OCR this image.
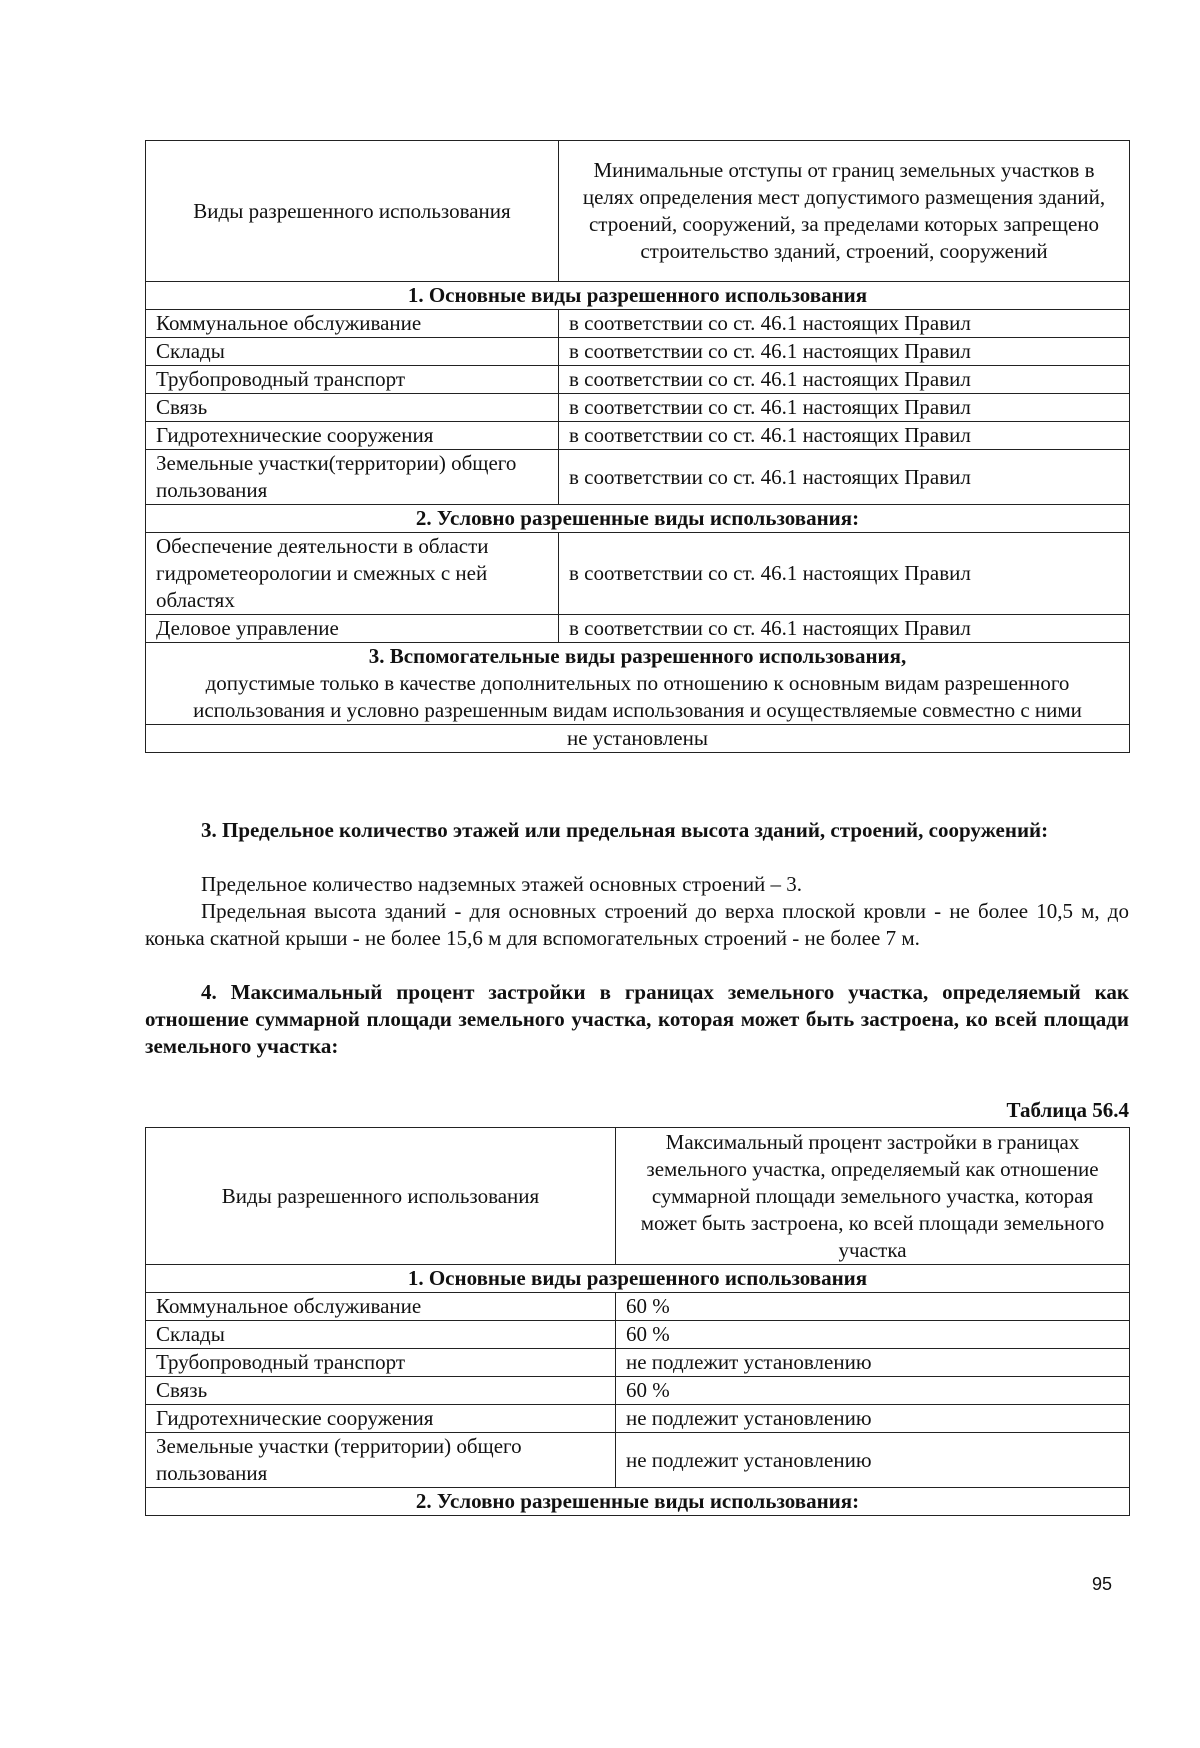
Виды разрешенного использования	Минимальные отступы от границ земельных участков в целях определения мест допустимого размещения зданий, строений, сооружений, за пределами которых запрещено строительство зданий, строений, сооружений
1. Основные виды разрешенного использования	
Коммунальное обслуживание	в соответствии со ст. 46.1 настоящих Правил
Склады	в соответствии со ст. 46.1 настоящих Правил
Трубопроводный транспорт	в соответствии со ст. 46.1 настоящих Правил
Связь	в соответствии со ст. 46.1 настоящих Правил
Гидротехнические сооружения	в соответствии со ст. 46.1 настоящих Правил
Земельные участки(территории) общего пользования	в соответствии со ст. 46.1 настоящих Правил
2. Условно разрешенные виды использования:	
Обеспечение деятельности в области гидрометеорологии и смежных с ней областях	в соответствии со ст. 46.1 настоящих Правил
Деловое управление	в соответствии со ст. 46.1 настоящих Правил

3. Вспомогательные виды разрешенного использования,
допустимые только в качестве дополнительных по отношению к основным видам разрешенного использования и условно разрешенным видам использования и осуществляемые совместно с ними	

не установлены	
3. Предельное количество этажей или предельная высота зданий, строений, сооружений:
Предельное количество надземных этажей основных строений – 3.
Предельная высота зданий - для основных строений до верха плоской кровли - не более 10,5 м, до конька скатной крыши - не более 15,6 м для вспомогательных строений - не более 7 м.
4. Максимальный процент застройки в границах земельного участка, определяемый как отношение суммарной площади земельного участка, которая может быть застроена, ко всей площади земельного участка:
Таблица 56.4
Виды разрешенного использования	Максимальный процент застройки в границах земельного участка, определяемый как отношение суммарной площади земельного участка, которая может быть застроена, ко всей площади земельного участка
1. Основные виды разрешенного использования	
Коммунальное обслуживание	60 %
Склады	60 %
Трубопроводный транспорт	не подлежит установлению
Связь	60 %
Гидротехнические сооружения	не подлежит установлению
Земельные участки (территории) общего пользования	не подлежит установлению
2. Условно разрешенные виды использования:	
95
